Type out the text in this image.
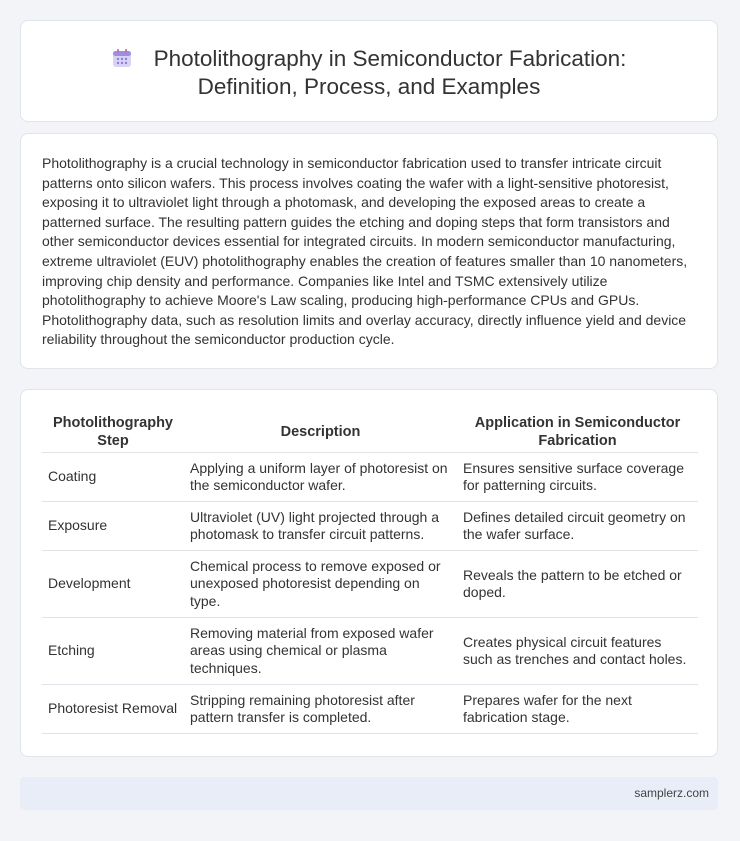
Photolithography in Semiconductor Fabrication:
Definition, Process, and Examples
Photolithography is a crucial technology in semiconductor fabrication used to transfer intricate circuit patterns onto silicon wafers. This process involves coating the wafer with a light-sensitive photoresist, exposing it to ultraviolet light through a photomask, and developing the exposed areas to create a patterned surface. The resulting pattern guides the etching and doping steps that form transistors and other semiconductor devices essential for integrated circuits. In modern semiconductor manufacturing, extreme ultraviolet (EUV) photolithography enables the creation of features smaller than 10 nanometers, improving chip density and performance. Companies like Intel and TSMC extensively utilize photolithography to achieve Moore's Law scaling, producing high-performance CPUs and GPUs. Photolithography data, such as resolution limits and overlay accuracy, directly influence yield and device reliability throughout the semiconductor production cycle.
Photolithography Step	Description	Application in Semiconductor Fabrication
Coating	Applying a uniform layer of photoresist on the semiconductor wafer.	Ensures sensitive surface coverage for patterning circuits.
Exposure	Ultraviolet (UV) light projected through a photomask to transfer circuit patterns.	Defines detailed circuit geometry on the wafer surface.
Development	Chemical process to remove exposed or unexposed photoresist depending on type.	Reveals the pattern to be etched or doped.
Etching	Removing material from exposed wafer areas using chemical or plasma techniques.	Creates physical circuit features such as trenches and contact holes.
Photoresist Removal	Stripping remaining photoresist after pattern transfer is completed.	Prepares wafer for the next fabrication stage.
samplerz.com
